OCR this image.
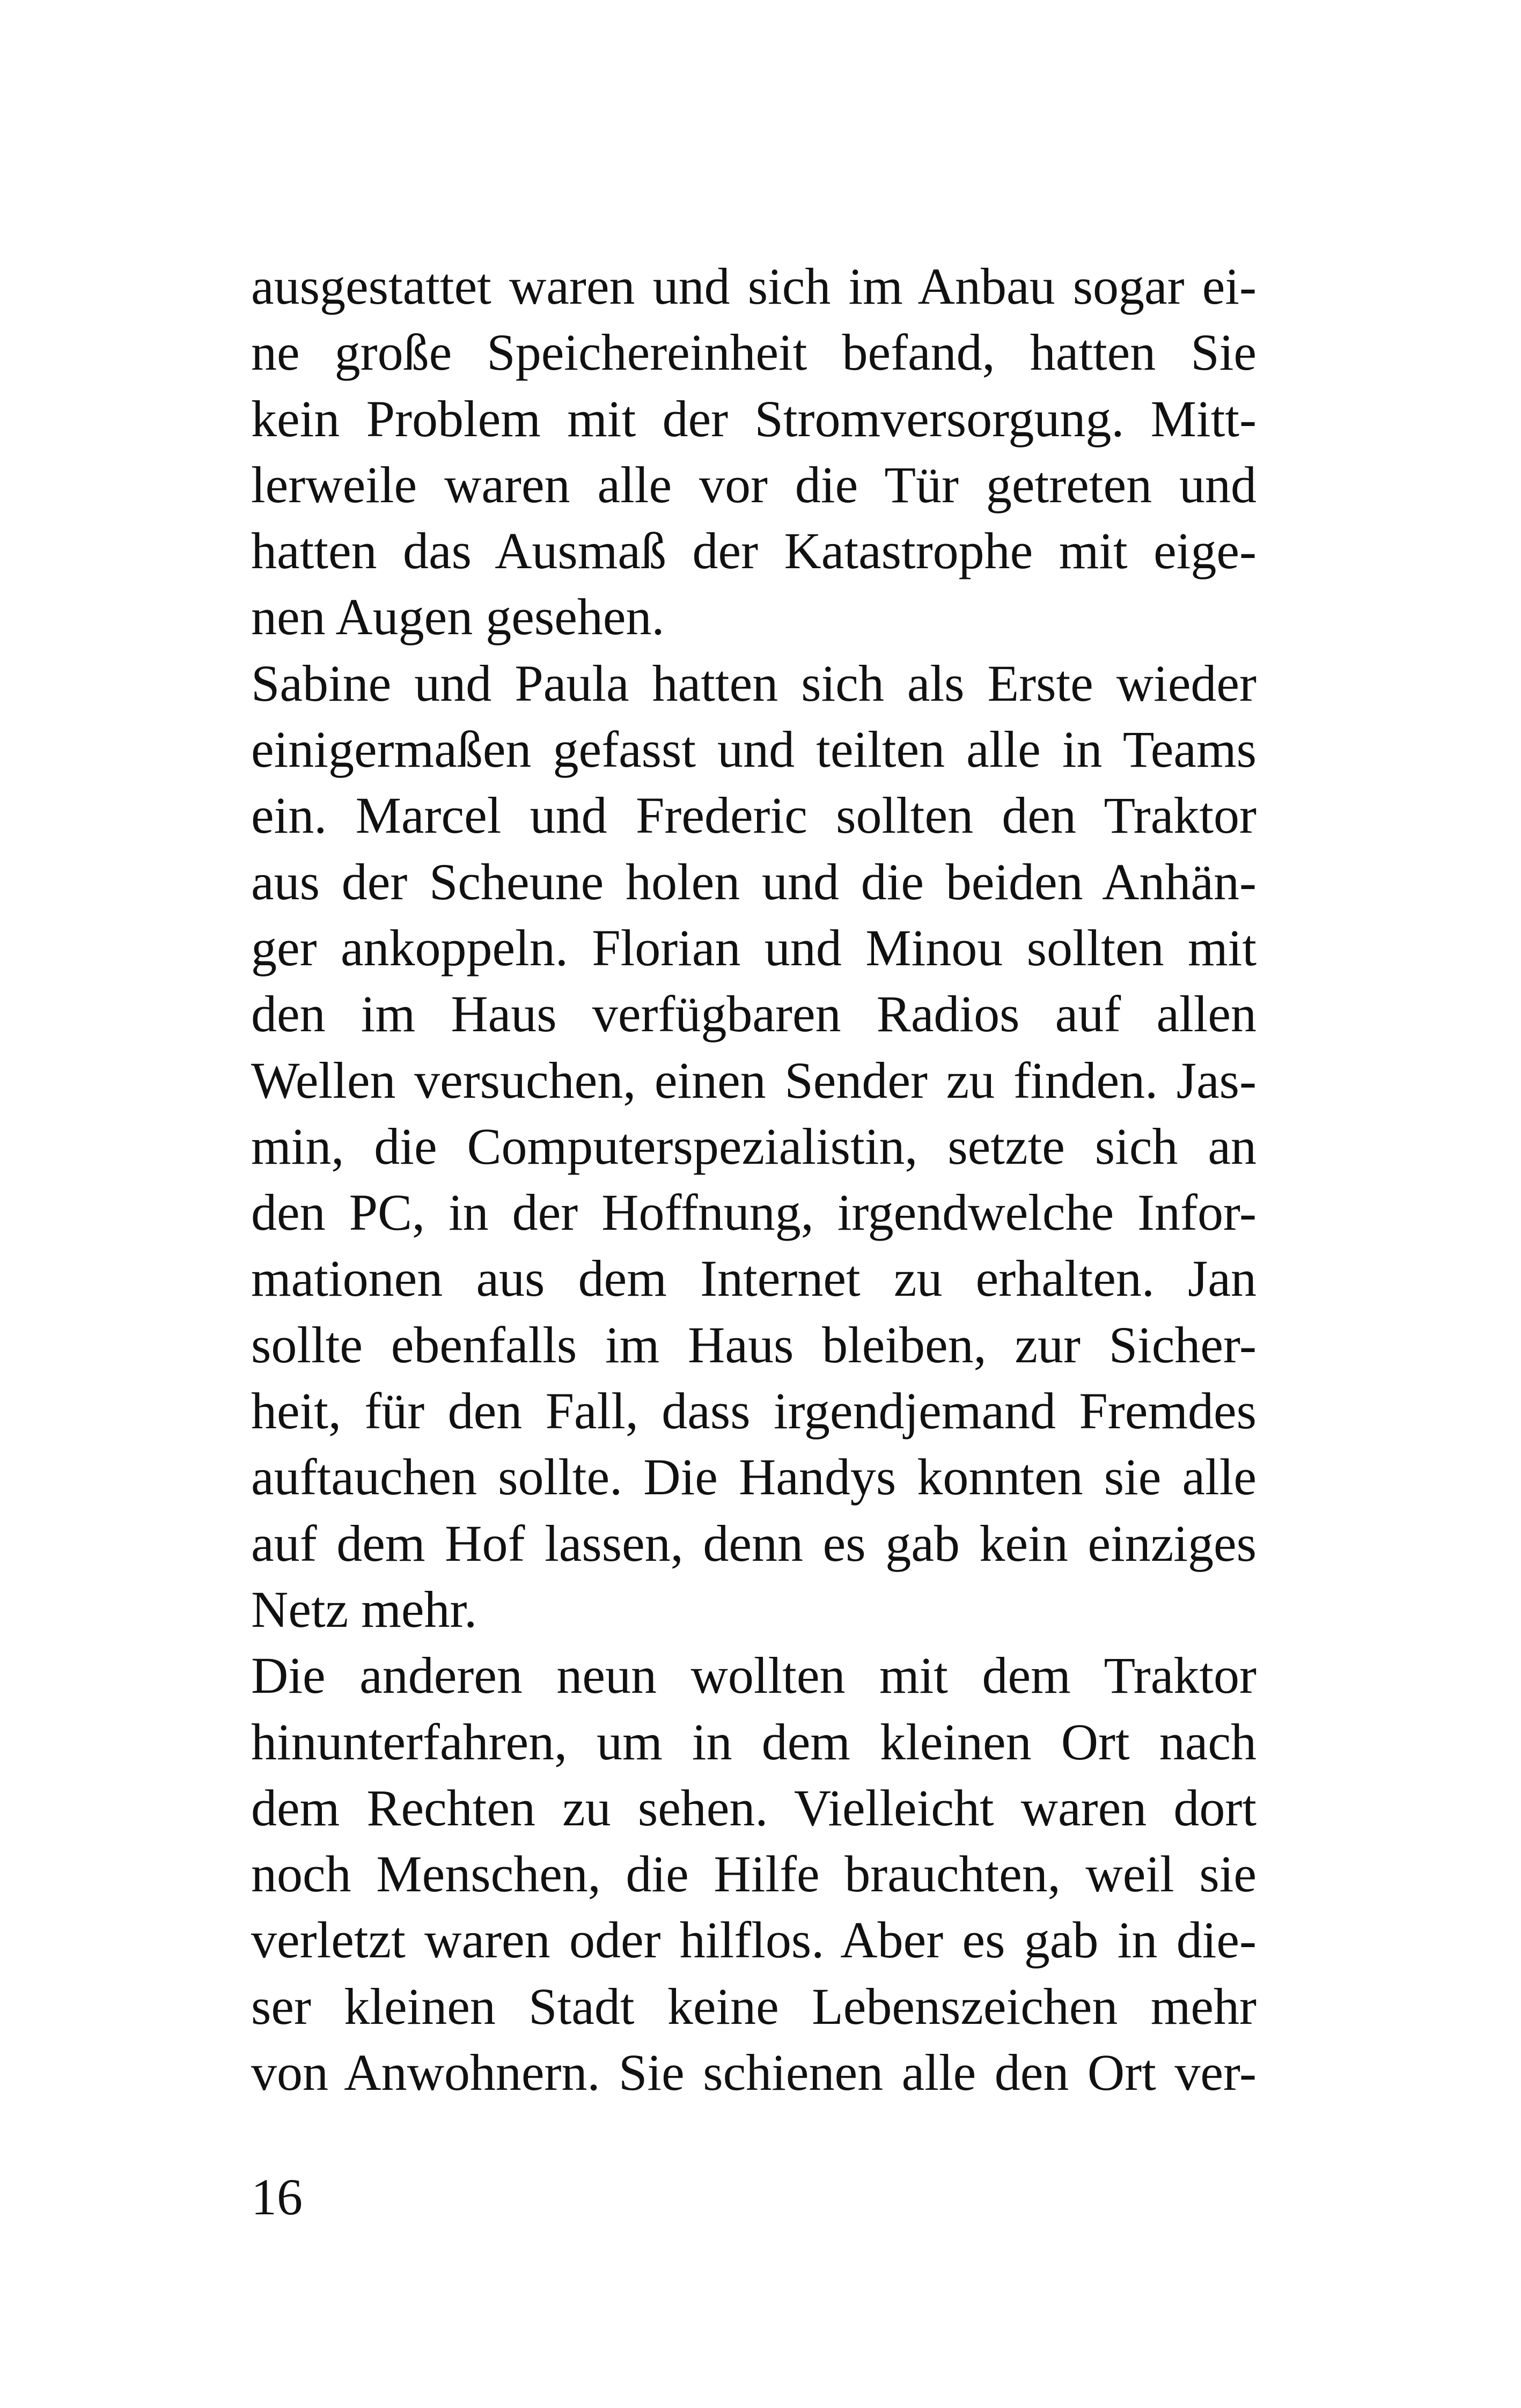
ausgestattet waren und sich im Anbau sogar ei-
ne große Speichereinheit befand, hatten Sie
kein Problem mit der Stromversorgung. Mitt-
lerweile waren alle vor die Tür getreten und
hatten das Ausmaß der Katastrophe mit eige-
nen Augen gesehen.
Sabine und Paula hatten sich als Erste wieder
einigermaßen gefasst und teilten alle in Teams
ein. Marcel und Frederic sollten den Traktor
aus der Scheune holen und die beiden Anhän-
ger ankoppeln. Florian und Minou sollten mit
den im Haus verfügbaren Radios auf allen
Wellen versuchen, einen Sender zu finden. Jas-
min, die Computerspezialistin, setzte sich an
den PC, in der Hoffnung, irgendwelche Infor-
mationen aus dem Internet zu erhalten. Jan
sollte ebenfalls im Haus bleiben, zur Sicher-
heit, für den Fall, dass irgendjemand Fremdes
auftauchen sollte. Die Handys konnten sie alle
auf dem Hof lassen, denn es gab kein einziges
Netz mehr.
Die anderen neun wollten mit dem Traktor
hinunterfahren, um in dem kleinen Ort nach
dem Rechten zu sehen. Vielleicht waren dort
noch Menschen, die Hilfe brauchten, weil sie
verletzt waren oder hilflos. Aber es gab in die-
ser kleinen Stadt keine Lebenszeichen mehr
von Anwohnern. Sie schienen alle den Ort ver-
16
